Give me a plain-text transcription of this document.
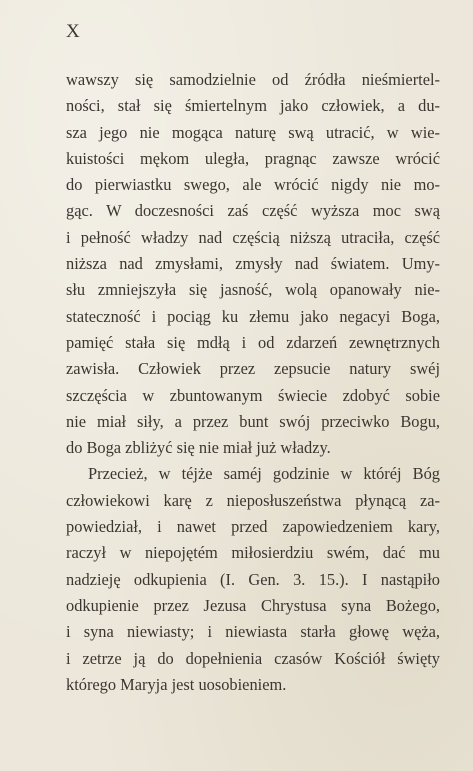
X
wawszy się samodzielnie od źródła nieśmiertel-
ności, stał się śmiertelnym jako człowiek, a du-
sza jego nie mogąca naturę swą utracić, w wie-
kuistości mękom uległa, pragnąc zawsze wrócić
do pierwiastku swego, ale wrócić nigdy nie mo-
gąc. W doczesności zaś część wyższa moc swą
i pełność władzy nad częścią niższą utraciła, część
niższa nad zmysłami, zmysły nad światem. Umy-
słu zmniejszyła się jasność, wolą opanowały nie-
stateczność i pociąg ku złemu jako negacyi Boga,
pamięć stała się mdłą i od zdarzeń zewnętrznych
zawisła. Człowiek przez zepsucie natury swéj
szczęścia w zbuntowanym świecie zdobyć sobie
nie miał siły, a przez bunt swój przeciwko Bogu,
do Boga zbliżyć się nie miał już władzy.
Przecież, w téjże saméj godzinie w któréj Bóg
człowiekowi karę z nieposłuszeństwa płynącą za-
powiedział, i nawet przed zapowiedzeniem kary,
raczył w niepojętém miłosierdziu swém, dać mu
nadzieję odkupienia (I. Gen. 3. 15.). I nastąpiło
odkupienie przez Jezusa Chrystusa syna Bożego,
i syna niewiasty; i niewiasta starła głowę węża,
i zetrze ją do dopełnienia czasów Kościół święty
którego Maryja jest uosobieniem.
